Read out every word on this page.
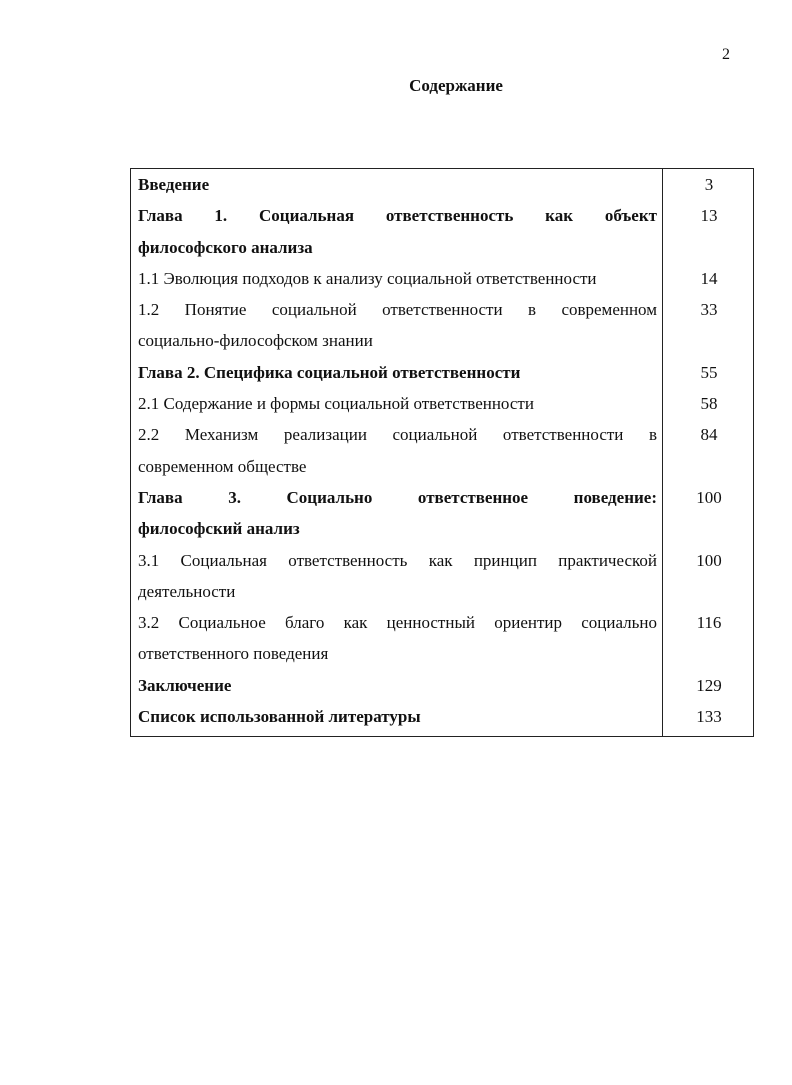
2
Содержание
Введение	3

Глава 1. Социальная ответственность как объект
философского анализа	13
1.1 Эволюция подходов к анализу социальной ответственности	14

1.2 Понятие социальной ответственности в современном
социально-философском знании	33
Глава 2. Специфика социальной ответственности	55
2.1 Содержание и формы социальной ответственности	58

2.2 Механизм реализации социальной ответственности в
современном обществе	84

Глава 3. Социально ответственное поведение:
философский анализ	100

3.1 Социальная ответственность как принцип практической
деятельности	100

3.2 Социальное благо как ценностный ориентир социально
ответственного поведения	116
Заключение	129
Список использованной литературы	133
